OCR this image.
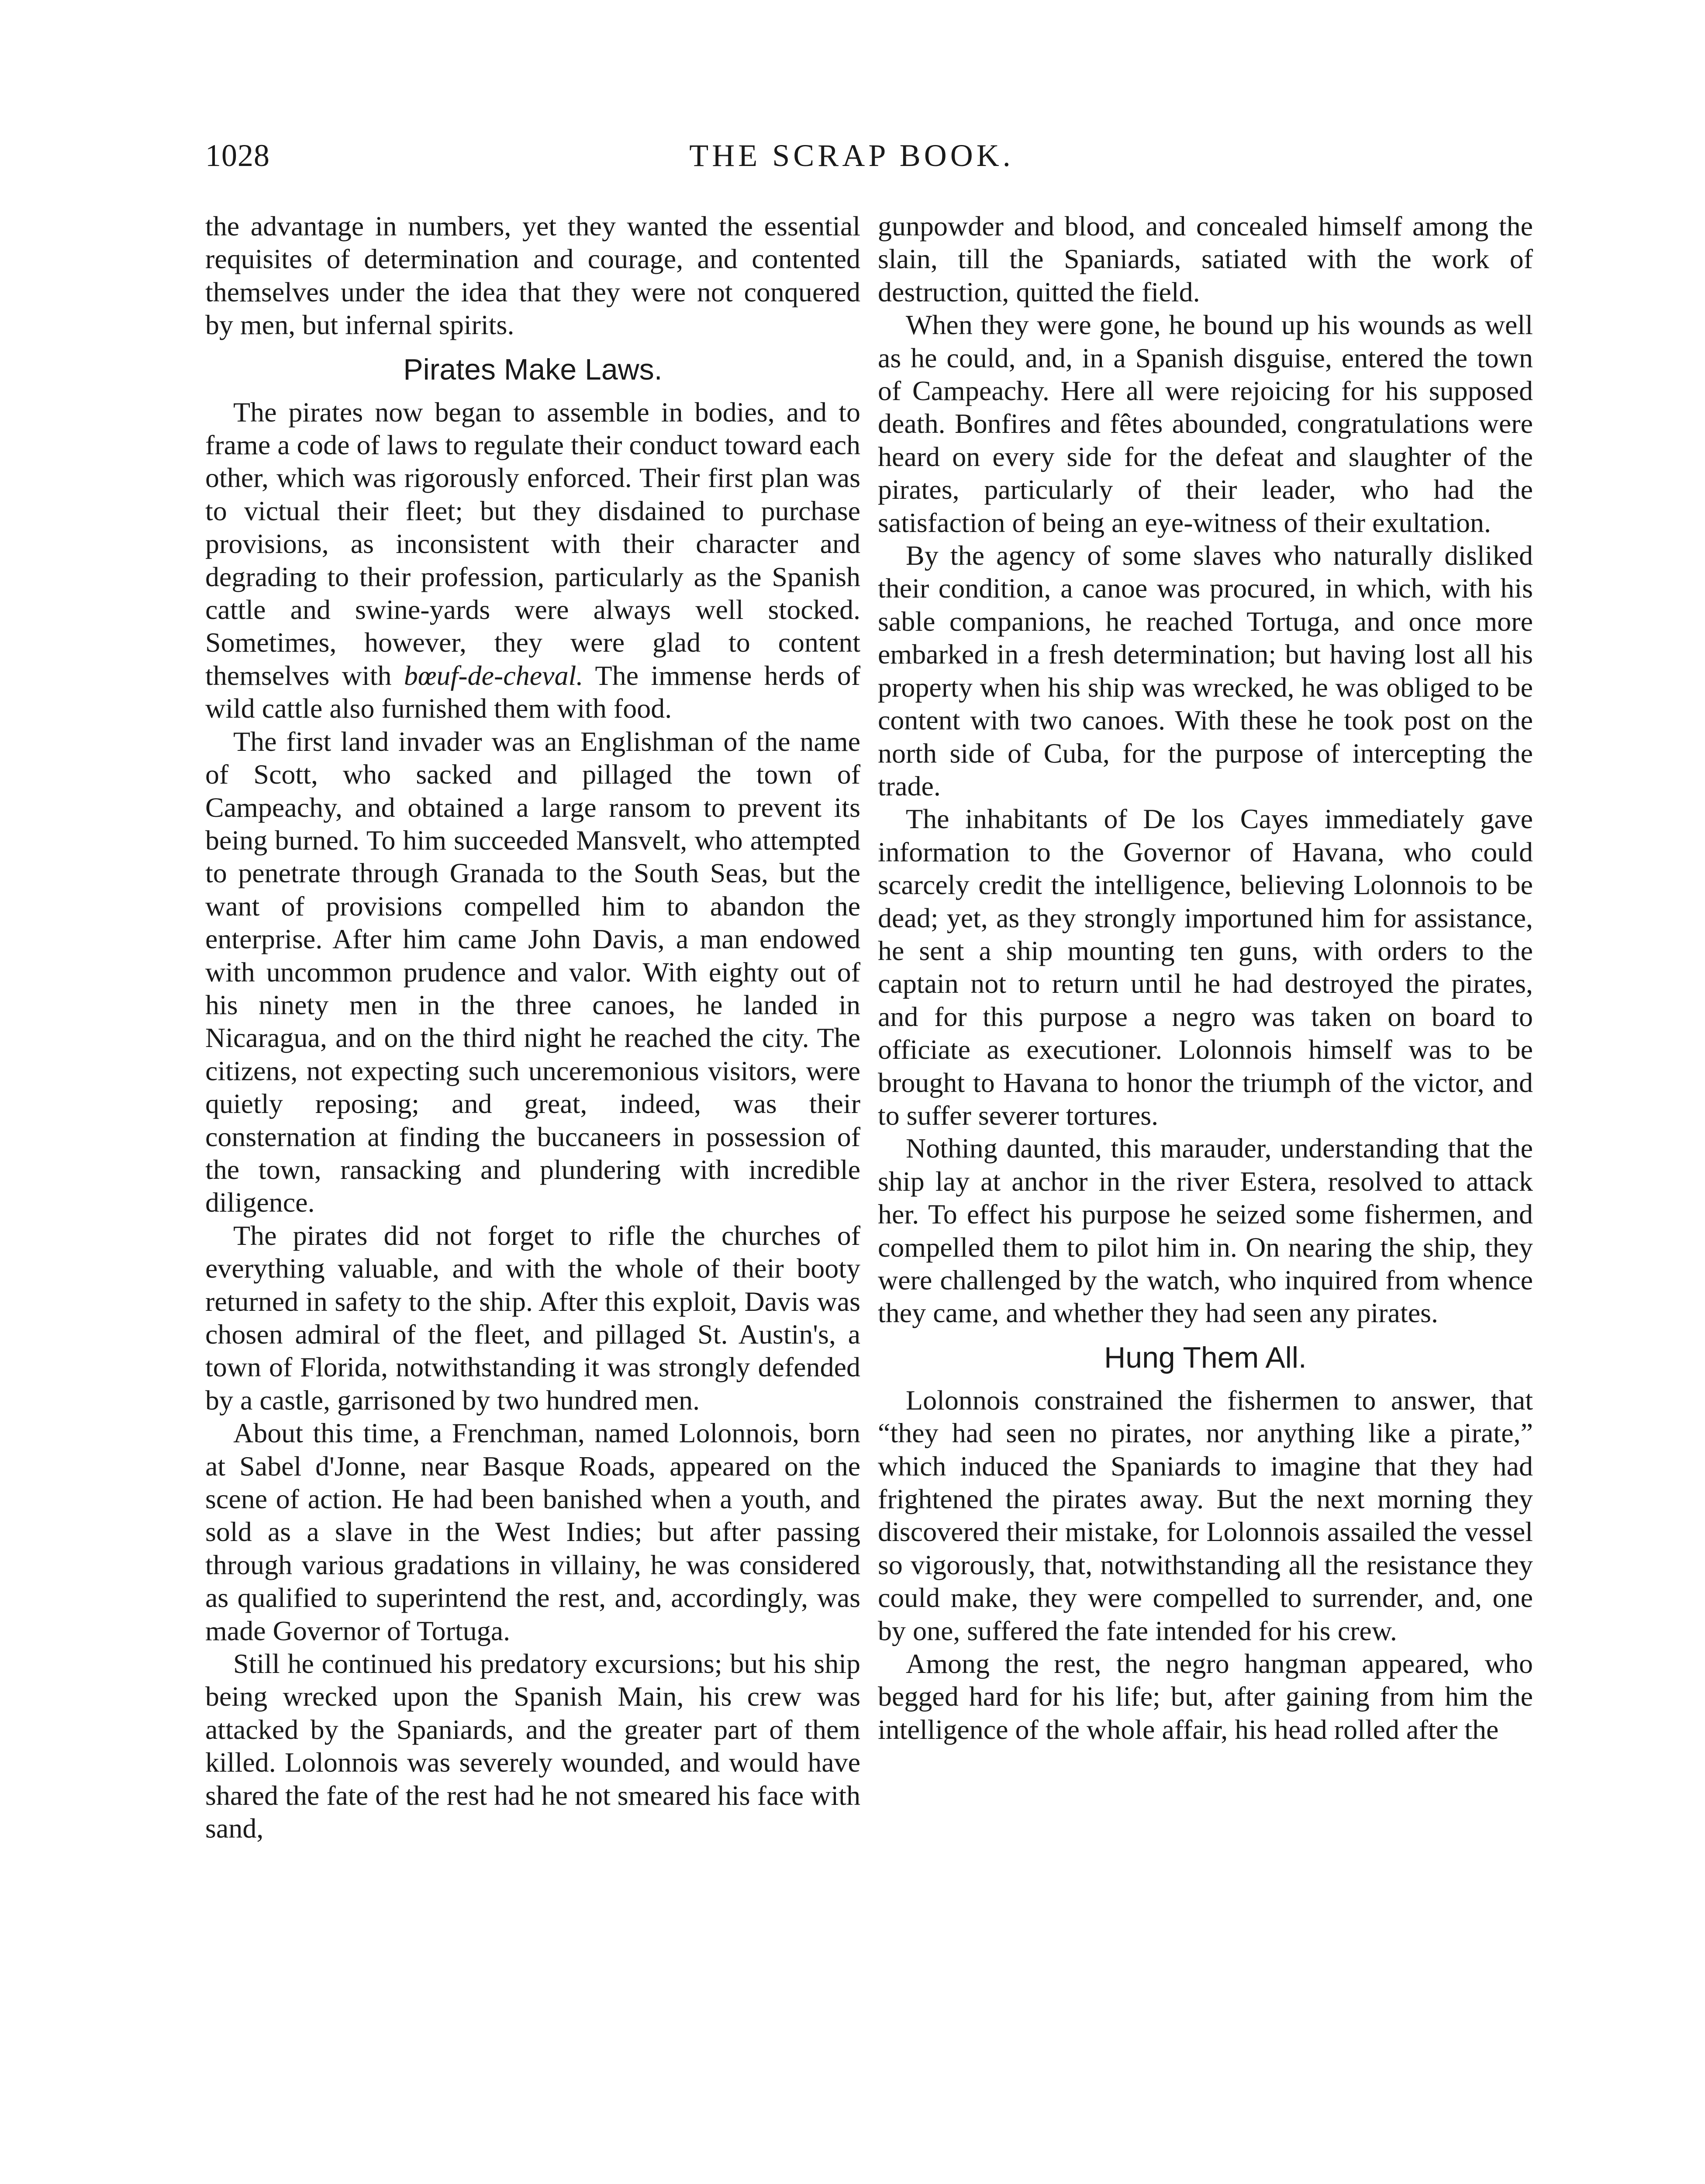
1028	THE SCRAP BOOK.

the advantage in numbers, yet they wanted the essential requisites of determination and courage, and contented themselves under the idea that they were not conquered by men, but infernal spirits.

Pirates Make Laws.

The pirates now began to assemble in bodies, and to frame a code of laws to regulate their conduct toward each other, which was rigorously enforced. Their first plan was to victual their fleet; but they disdained to purchase provisions, as inconsistent with their character and degrading to their profession, particularly as the Spanish cattle and swine-yards were always well stocked. Sometimes, however, they were glad to content themselves with bœuf-de-cheval. The immense herds of wild cattle also furnished them with food.

The first land invader was an Englishman of the name of Scott, who sacked and pillaged the town of Campeachy, and obtained a large ransom to prevent its being burned. To him succeeded Mansvelt, who attempted to penetrate through Granada to the South Seas, but the want of provisions compelled him to abandon the enterprise. After him came John Davis, a man endowed with uncommon prudence and valor. With eighty out of his ninety men in the three canoes, he landed in Nicaragua, and on the third night he reached the city. The citizens, not expecting such unceremonious visitors, were quietly reposing; and great, indeed, was their consternation at finding the buccaneers in possession of the town, ransacking and plundering with incredible diligence.

The pirates did not forget to rifle the churches of everything valuable, and with the whole of their booty returned in safety to the ship. After this exploit, Davis was chosen admiral of the fleet, and pillaged St. Austin's, a town of Florida, notwithstanding it was strongly defended by a castle, garrisoned by two hundred men.

About this time, a Frenchman, named Lolonnois, born at Sabel d'Jonne, near Basque Roads, appeared on the scene of action. He had been banished when a youth, and sold as a slave in the West Indies; but after passing through various gradations in villainy, he was considered as qualified to superintend the rest, and, accordingly, was made Governor of Tortuga.

Still he continued his predatory excursions; but his ship being wrecked upon the Spanish Main, his crew was attacked by the Spaniards, and the greater part of them killed. Lolonnois was severely wounded, and would have shared the fate of the rest had he not smeared his face with sand,

gunpowder and blood, and concealed himself among the slain, till the Spaniards, satiated with the work of destruction, quitted the field.

When they were gone, he bound up his wounds as well as he could, and, in a Spanish disguise, entered the town of Campeachy. Here all were rejoicing for his supposed death. Bonfires and fêtes abounded, congratulations were heard on every side for the defeat and slaughter of the pirates, particularly of their leader, who had the satisfaction of being an eye-witness of their exultation.

By the agency of some slaves who naturally disliked their condition, a canoe was procured, in which, with his sable companions, he reached Tortuga, and once more embarked in a fresh determination; but having lost all his property when his ship was wrecked, he was obliged to be content with two canoes. With these he took post on the north side of Cuba, for the purpose of intercepting the trade.

The inhabitants of De los Cayes immediately gave information to the Governor of Havana, who could scarcely credit the intelligence, believing Lolonnois to be dead; yet, as they strongly importuned him for assistance, he sent a ship mounting ten guns, with orders to the captain not to return until he had destroyed the pirates, and for this purpose a negro was taken on board to officiate as executioner. Lolonnois himself was to be brought to Havana to honor the triumph of the victor, and to suffer severer tortures.

Nothing daunted, this marauder, understanding that the ship lay at anchor in the river Estera, resolved to attack her. To effect his purpose he seized some fishermen, and compelled them to pilot him in. On nearing the ship, they were challenged by the watch, who inquired from whence they came, and whether they had seen any pirates.

Hung Them All.

Lolonnois constrained the fishermen to answer, that “they had seen no pirates, nor anything like a pirate,” which induced the Spaniards to imagine that they had frightened the pirates away. But the next morning they discovered their mistake, for Lolonnois assailed the vessel so vigorously, that, notwithstanding all the resistance they could make, they were compelled to surrender, and, one by one, suffered the fate intended for his crew.

Among the rest, the negro hangman appeared, who begged hard for his life; but, after gaining from him the intelligence of the whole affair, his head rolled after the
